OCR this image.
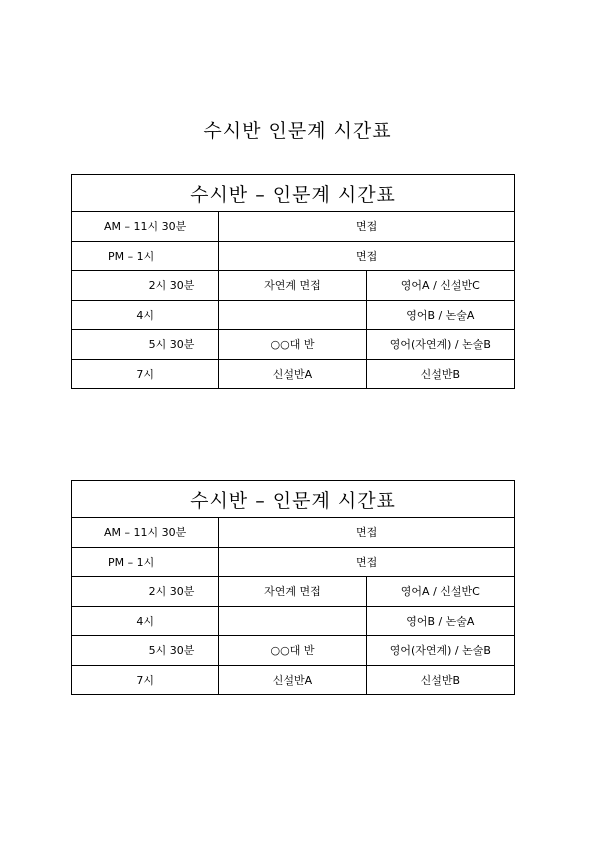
수시반 인문계 시간표
수시반 – 인문계 시간표		
AM – 11시 30분	면접	
PM – 1시	면접	
2시 30분	자연계 면접	영어A / 신설반C
4시		영어B / 논술A
5시 30분	○○대 반	영어(자연계) / 논술B
7시	신설반A	신설반B
수시반 – 인문계 시간표		
AM – 11시 30분	면접	
PM – 1시	면접	
2시 30분	자연계 면접	영어A / 신설반C
4시		영어B / 논술A
5시 30분	○○대 반	영어(자연계) / 논술B
7시	신설반A	신설반B
